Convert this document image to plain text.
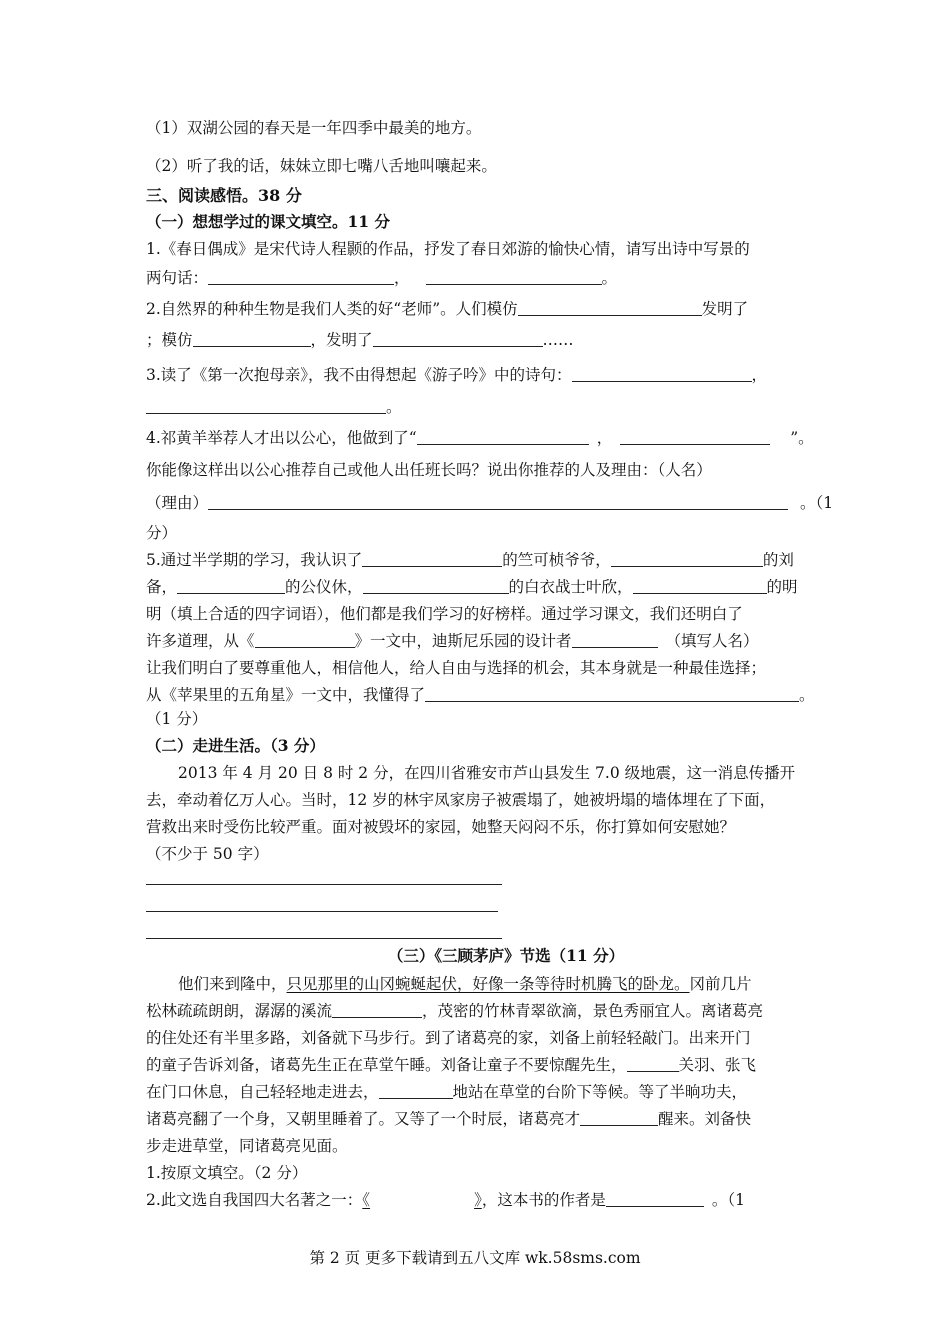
（1）双湖公园的春天是一年四季中最美的地方。
（2）听了我的话，妹妹立即七嘴八舌地叫嚷起来。
三、阅读感悟。38 分
（一）想想学过的课文填空。11 分
1.《春日偶成》是宋代诗人程颢的作品，抒发了春日郊游的愉快心情，请写出诗中写景的
两句话：	，	。
2.自然界的种种生物是我们人类的好“老师”。人们模仿	发明了
；模仿	，发明了	……
3.读了《第一次抱母亲》，我不由得想起《游子吟》中的诗句：	，
。
4.祁黄羊举荐人才出以公心，他做到了“	，	”。
你能像这样出以公心推荐自己或他人出任班长吗？说出你推荐的人及理由：（人名）
（理由）	。（1
分）
5.通过半学期的学习，我认识了	的竺可桢爷爷，	的刘
备，	的公仪休，	的白衣战士叶欣，	的明
明（填上合适的四字词语），他们都是我们学习的好榜样。通过学习课文，我们还明白了
许多道理，从《	》一文中，迪斯尼乐园的设计者	（填写人名）
让我们明白了要尊重他人，相信他人，给人自由与选择的机会，其本身就是一种最佳选择；
从《苹果里的五角星》一文中，我懂得了	。
（1 分）
（二）走进生活。（3 分）
2013 年 4 月 20 日 8 时 2 分，在四川省雅安市芦山县发生 7.0 级地震，这一消息传播开
去，牵动着亿万人心。当时，12 岁的林宇凤家房子被震塌了，她被坍塌的墙体埋在了下面，
营救出来时受伤比较严重。面对被毁坏的家园，她整天闷闷不乐，你打算如何安慰她？
（不少于 50 字）
（三）《三顾茅庐》节选（11 分）
他们来到隆中，只见那里的山冈蜿蜒起伏，好像一条等待时机腾飞的卧龙。冈前几片
松林疏疏朗朗，潺潺的溪流	，茂密的竹林青翠欲滴，景色秀丽宜人。离诸葛亮
的住处还有半里多路，刘备就下马步行。到了诸葛亮的家，刘备上前轻轻敲门。出来开门
的童子告诉刘备，诸葛先生正在草堂午睡。刘备让童子不要惊醒先生，	关羽、张飞
在门口休息，自己轻轻地走进去，	地站在草堂的台阶下等候。等了半晌功夫，
诸葛亮翻了一个身，又朝里睡着了。又等了一个时辰，诸葛亮才	醒来。刘备快
步走进草堂，同诸葛亮见面。
1.按原文填空。（2 分）
2.此文选自我国四大名著之一：《	》，这本书的作者是	。（1
第 2 页 更多下载请到五八文库 wk.58sms.com
